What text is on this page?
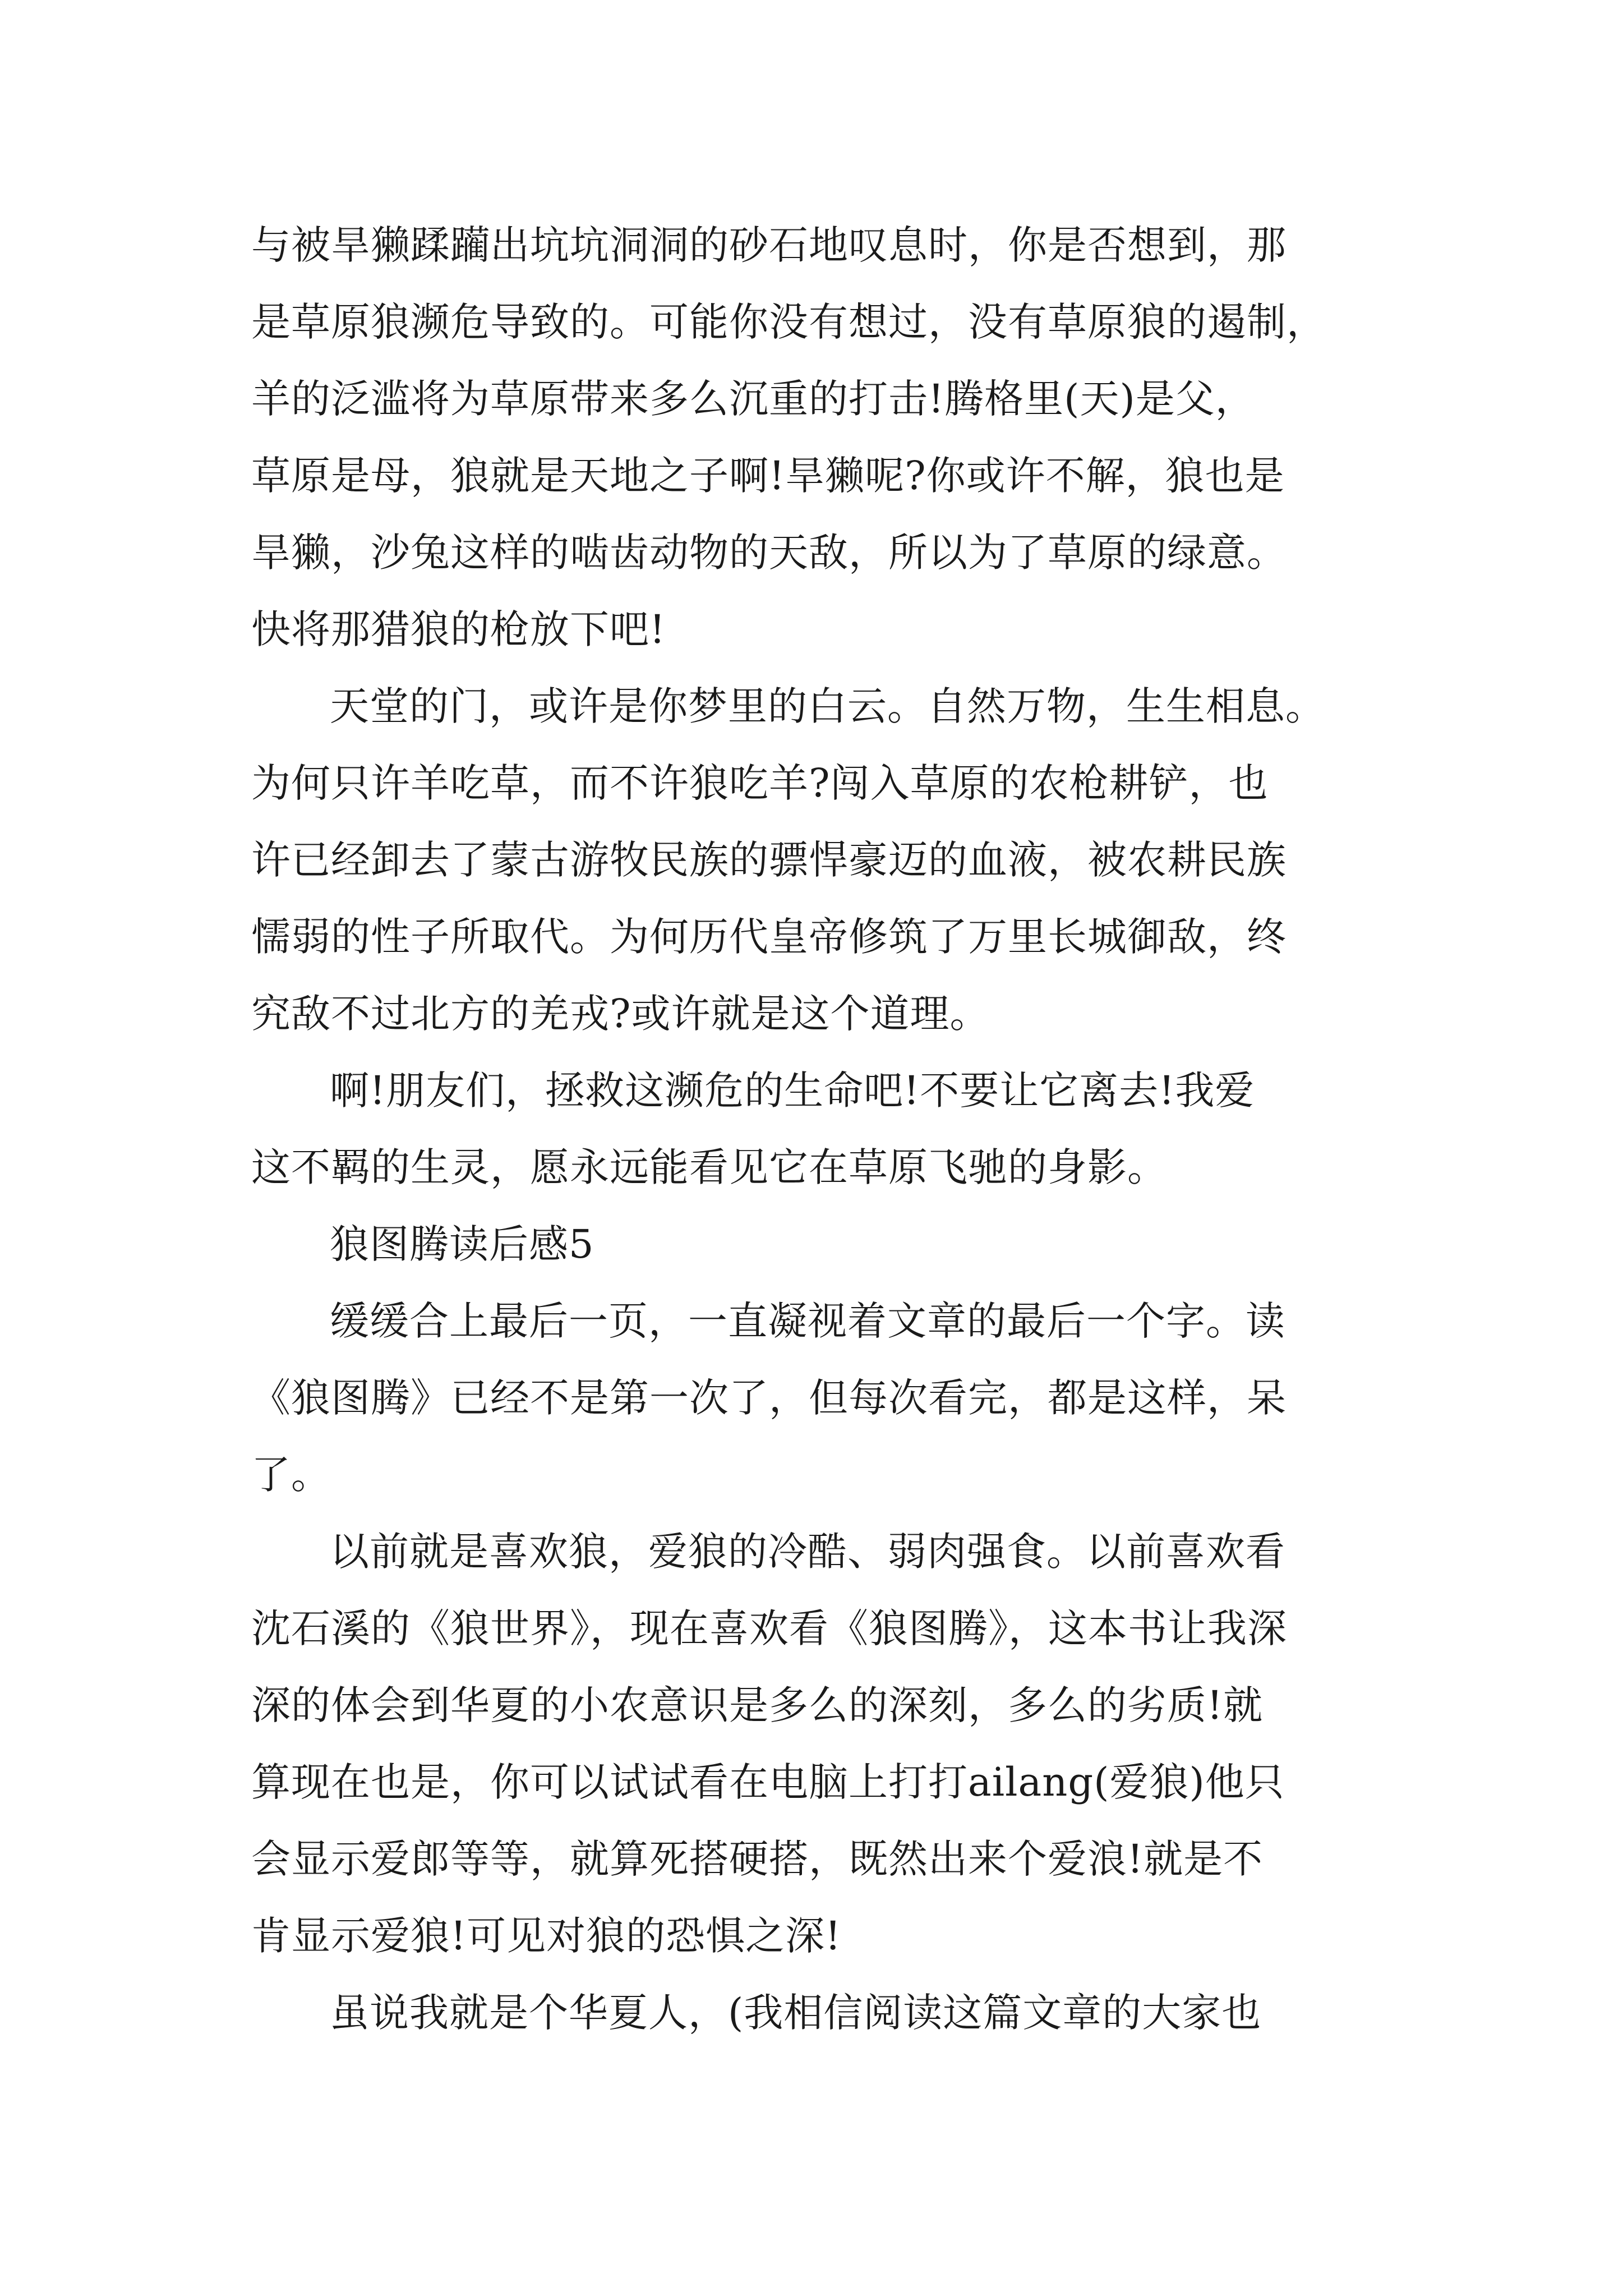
与被旱獭蹂躏出坑坑洞洞的砂石地叹息时，你是否想到，那
是草原狼濒危导致的。可能你没有想过，没有草原狼的遏制，
羊的泛滥将为草原带来多么沉重的打击!腾格里(天)是父，
草原是母，狼就是天地之子啊!旱獭呢?你或许不解，狼也是
旱獭，沙兔这样的啮齿动物的天敌，所以为了草原的绿意。
快将那猎狼的枪放下吧!
天堂的门，或许是你梦里的白云。自然万物，生生相息。
为何只许羊吃草，而不许狼吃羊?闯入草原的农枪耕铲，也
许已经卸去了蒙古游牧民族的骠悍豪迈的血液，被农耕民族
懦弱的性子所取代。为何历代皇帝修筑了万里长城御敌，终
究敌不过北方的羌戎?或许就是这个道理。
啊!朋友们，拯救这濒危的生命吧!不要让它离去!我爱
这不羁的生灵，愿永远能看见它在草原飞驰的身影。
狼图腾读后感5
缓缓合上最后一页，一直凝视着文章的最后一个字。读
《狼图腾》已经不是第一次了，但每次看完，都是这样，呆
了。
以前就是喜欢狼，爱狼的冷酷、弱肉强食。以前喜欢看
沈石溪的《狼世界》，现在喜欢看《狼图腾》，这本书让我深
深的体会到华夏的小农意识是多么的深刻，多么的劣质!就
算现在也是，你可以试试看在电脑上打打ailang(爱狼)他只
会显示爱郎等等，就算死搭硬搭，既然出来个爱浪!就是不
肯显示爱狼!可见对狼的恐惧之深!
虽说我就是个华夏人，(我相信阅读这篇文章的大家也
